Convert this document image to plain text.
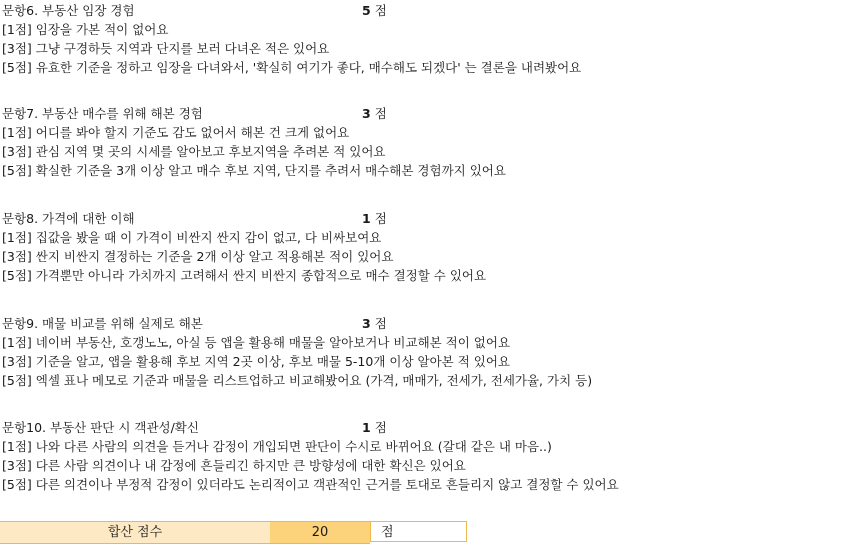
문항6. 부동산 임장 경험	5 점
[1점] 임장을 가본 적이 없어요
[3점] 그냥 구경하듯 지역과 단지를 보러 다녀온 적은 있어요
[5점] 유효한 기준을 정하고 임장을 다녀와서, '확실히 여기가 좋다, 매수해도 되겠다' 는 결론을 내려봤어요
문항7. 부동산 매수를 위해 해본 경험	3 점
[1점] 어디를 봐야 할지 기준도 감도 없어서 해본 건 크게 없어요
[3점] 관심 지역 몇 곳의 시세를 알아보고 후보지역을 추려본 적 있어요
[5점] 확실한 기준을 3개 이상 알고 매수 후보 지역, 단지를 추려서 매수해본 경험까지 있어요
문항8. 가격에 대한 이해	1 점
[1점] 집값을 봤을 때 이 가격이 비싼지 싼지 감이 없고, 다 비싸보여요
[3점] 싼지 비싼지 결정하는 기준을 2개 이상 알고 적용해본 적이 있어요
[5점] 가격뿐만 아니라 가치까지 고려해서 싼지 비싼지 종합적으로 매수 결정할 수 있어요
문항9. 매물 비교를 위해 실제로 해본	3 점
[1점] 네이버 부동산, 호갱노노, 아실 등 앱을 활용해 매물을 알아보거나 비교해본 적이 없어요
[3점] 기준을 알고, 앱을 활용해 후보 지역 2곳 이상, 후보 매물 5-10개 이상 알아본 적 있어요
[5점] 엑셀 표나 메모로 기준과 매물을 리스트업하고 비교해봤어요 (가격, 매매가, 전세가, 전세가율, 가치 등)
문항10. 부동산 판단 시 객관성/확신	1 점
[1점] 나와 다른 사람의 의견을 듣거나 감정이 개입되면 판단이 수시로 바뀌어요 (갈대 같은 내 마음..)
[3점] 다른 사람 의견이나 내 감정에 흔들리긴 하지만 큰 방향성에 대한 확신은 있어요
[5점] 다른 의견이나 부정적 감정이 있더라도 논리적이고 객관적인 근거를 토대로 흔들리지 않고 결정할 수 있어요
합산 점수	20	점
